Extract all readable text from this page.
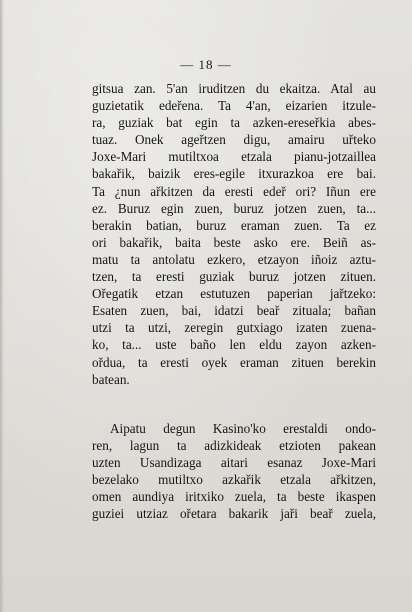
— 18 —

gitsua zan. 5'an iruditzen du ekaitza. Atal au
guzietatik edeřena. Ta 4'an, eizarien itzule-
ra, guziak bat egin ta azken-ereseřkia abes-
tuaz. Onek ageřtzen digu, amairu uřteko
Joxe-Mari mutiltxoa etzala pianu-jotzaillea
bakařik, baizik eres-egile itxurazkoa ere bai.
Ta ¿nun ařkitzen da eresti edeř ori? Iñun ere
ez. Buruz egin zuen, buruz jotzen zuen, ta...
berakin batian, buruz eraman zuen. Ta ez
ori bakařik, baita beste asko ere. Beiñ as-
matu ta antolatu ezkero, etzayon iñoiz aztu-
tzen, ta eresti guziak buruz jotzen zituen.
Ořegatik etzan estutuzen paperian jařtzeko:
Esaten zuen, bai, idatzi beař zituala; bañan
utzi ta utzi, zeregin gutxiago izaten zuena-
ko, ta... uste baño len eldu zayon azken-
ořdua, ta eresti oyek eraman zituen berekin
batean.

Aipatu degun Kasino'ko erestaldi ondo-
ren, lagun ta adizkideak etzioten pakean
uzten Usandizaga aitari esanaz Joxe-Mari
bezelako mutiltxo azkařik etzala ařkitzen,
omen aundiya iritxiko zuela, ta beste ikaspen
guziei utziaz ořetara bakarik jaři beař zuela,
